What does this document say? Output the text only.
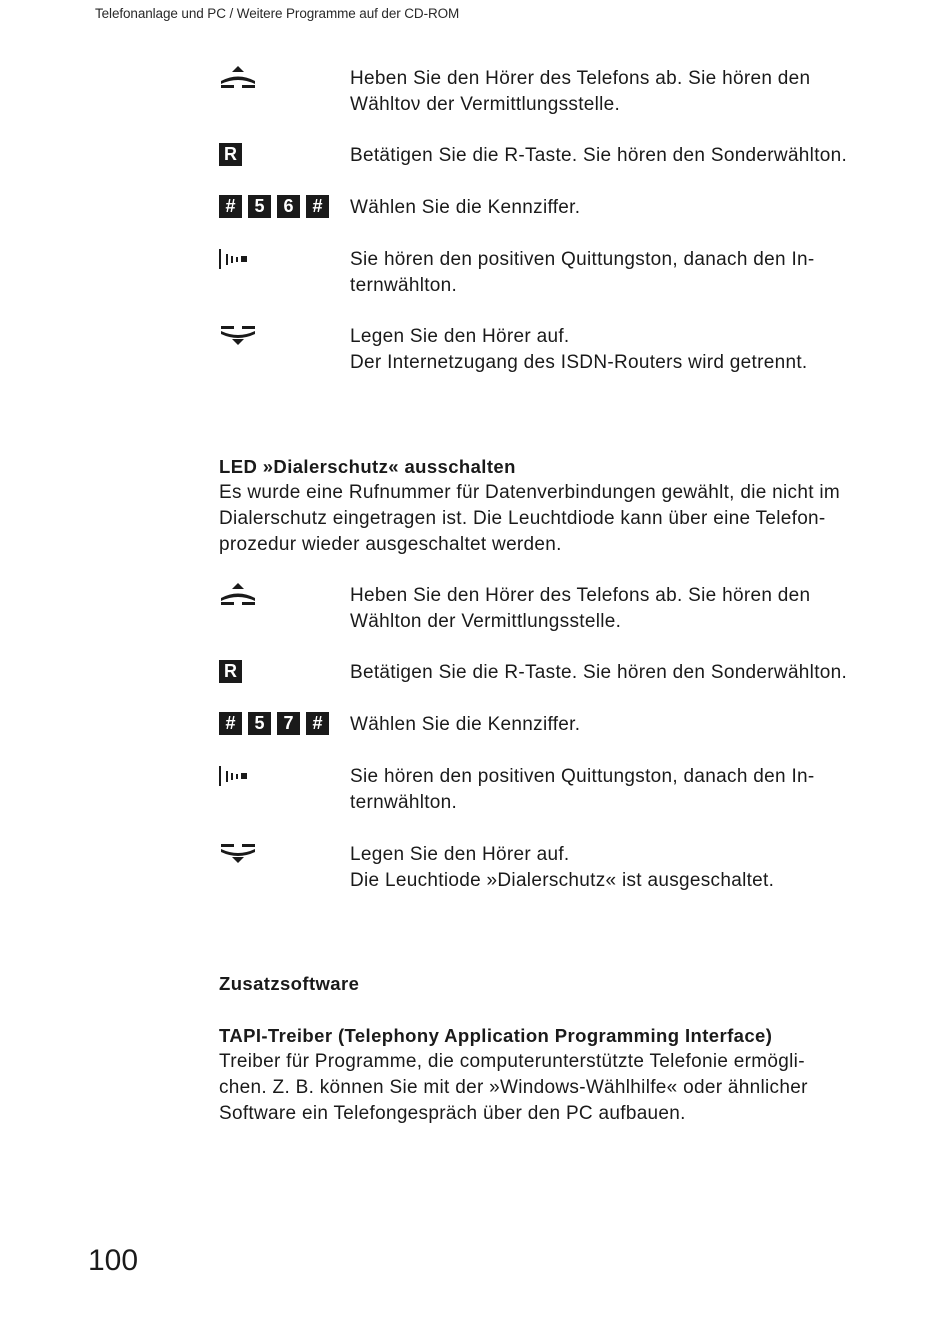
Telefonanlage und PC / Weitere Programme auf der CD-ROM
Heben Sie den Hörer des Telefons ab. Sie hören den
Wähltον der Vermittlungsstelle.
R	Betätigen Sie die R-Taste. Sie hören den Sonderwählton.
# 5 6 #	Wählen Sie die Kennziffer.
Sie hören den positiven Quittungston, danach den In-
ternwählton.
Legen Sie den Hörer auf.
Der Internetzugang des ISDN-Routers wird getrennt.
LED »Dialerschutz« ausschalten
Es wurde eine Rufnummer für Datenverbindungen gewählt, die nicht im
Dialerschutz eingetragen ist. Die Leuchtdiode kann über eine Telefon-
prozedur wieder ausgeschaltet werden.
Heben Sie den Hörer des Telefons ab. Sie hören den
Wählton der Vermittlungsstelle.
R	Betätigen Sie die R-Taste. Sie hören den Sonderwählton.
# 5 7 #	Wählen Sie die Kennziffer.
Sie hören den positiven Quittungston, danach den In-
ternwählton.
Legen Sie den Hörer auf.
Die Leuchtiode »Dialerschutz« ist ausgeschaltet.
Zusatzsoftware
TAPI-Treiber (Telephony Application Programming Interface)
Treiber für Programme, die computerunterstützte Telefonie ermögli-
chen. Z. B. können Sie mit der »Windows-Wählhilfe« oder ähnlicher
Software ein Telefongespräch über den PC aufbauen.
100
